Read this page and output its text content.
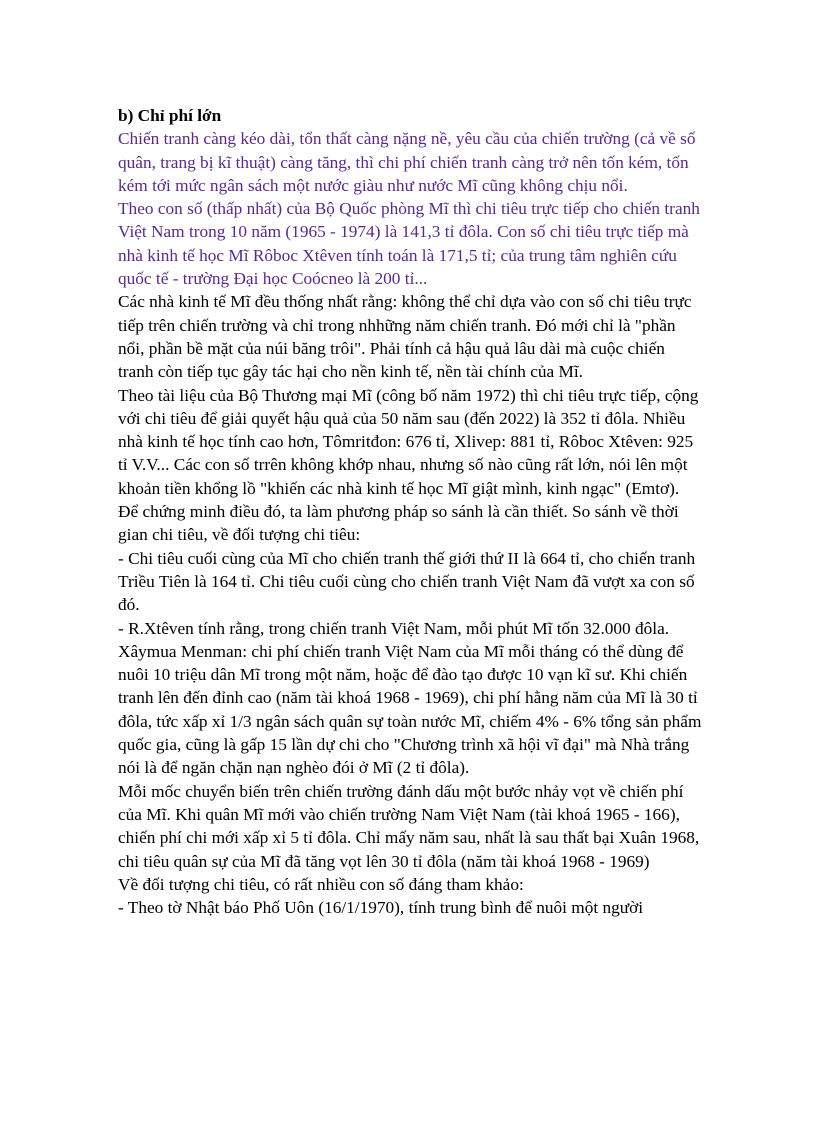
b) Chỉ phí lớn

Chiến tranh càng kéo dài, tổn thất càng nặng nề, yêu cầu của chiến trường (cả về số quân, trang bị kĩ thuật) càng tăng, thì chi phí chiến tranh càng trở nên tốn kém, tốn kém tới mức ngân sách một nước giàu như nước Mĩ cũng không chịu nổi.

Theo con số (thấp nhất) của Bộ Quốc phòng Mĩ thì chi tiêu trực tiếp cho chiến tranh Việt Nam trong 10 năm (1965 - 1974) là 141,3 tỉ đôla. Con số chi tiêu trực tiếp mà nhà kinh tế học Mĩ Rôboc Xtêven tính toán là 171,5 tỉ; của trung tâm nghiên cứu quốc tế - trường Đại học Coócneo là 200 tỉ...

Các nhà kinh tế Mĩ đều thống nhất rằng: không thể chỉ dựa vào con số chi tiêu trực tiếp trên chiến trường và chỉ trong nhhững năm chiến tranh. Đó mới chỉ là "phần nổi, phần bề mặt của núi băng trôi". Phải tính cả hậu quả lâu dài mà cuộc chiến tranh còn tiếp tục gây tác hại cho nền kinh tế, nền tài chính của Mĩ.

Theo tài liệu của Bộ Thương mại Mĩ (công bố năm 1972) thì chi tiêu trực tiếp, cộng với chi tiêu để giải quyết hậu quả của 50 năm sau (đến 2022) là 352 tỉ đôla. Nhiều nhà kinh tế học tính cao hơn, Tômritđon: 676 tỉ, Xlivep: 881 tỉ, Rôboc Xtêven: 925 tỉ V.V... Các con số trrên không khớp nhau, nhưng số nào cũng rất lớn, nói lên một khoản tiền khổng lồ "khiến các nhà kinh tế học Mĩ giật mình, kinh ngạc" (Emtơ).

Để chứng minh điều đó, ta làm phương pháp so sánh là cần thiết. So sánh về thời gian chi tiêu, về đối tượng chi tiêu:

- Chi tiêu cuối cùng của Mĩ cho chiến tranh thế giới thứ II là 664 tỉ, cho chiến tranh Triều Tiên là 164 tỉ. Chi tiêu cuối cùng cho chiến tranh Việt Nam đã vượt xa con số đó.

- R.Xtêven tính rằng, trong chiến tranh Việt Nam, mỗi phút Mĩ tốn 32.000 đôla. Xâymua Menman: chi phí chiến tranh Việt Nam của Mĩ mỗi tháng có thể dùng để nuôi 10 triệu dân Mĩ trong một năm, hoặc để đào tạo được 10 vạn kĩ sư. Khi chiến tranh lên đến đỉnh cao (năm tài khoá 1968 - 1969), chi phí hằng năm của Mĩ là 30 tỉ đôla, tức xấp xỉ 1/3 ngân sách quân sự toàn nước Mĩ, chiếm 4% - 6% tổng sản phẩm quốc gia, cũng là gấp 15 lần dự chi cho "Chương trình xã hội vĩ đại" mà Nhà trắng nói là để ngăn chặn nạn nghèo đói ở Mĩ (2 tỉ đôla).

Mỗi mốc chuyển biến trên chiến trường đánh dấu một bước nhảy vọt về chiến phí của Mĩ. Khi quân Mĩ mới vào chiến trường Nam Việt Nam (tài khoá 1965 - 166), chiến phí chi mới xấp xỉ 5 tỉ đôla. Chỉ mấy năm sau, nhất là sau thất bại Xuân 1968, chi tiêu quân sự của Mĩ đã tăng vọt lên 30 tỉ đôla (năm tài khoá 1968 - 1969)

Về đối tượng chi tiêu, có rất nhiều con số đáng tham khảo:

- Theo tờ Nhật báo Phố Uôn (16/1/1970), tính trung bình để nuôi một người
